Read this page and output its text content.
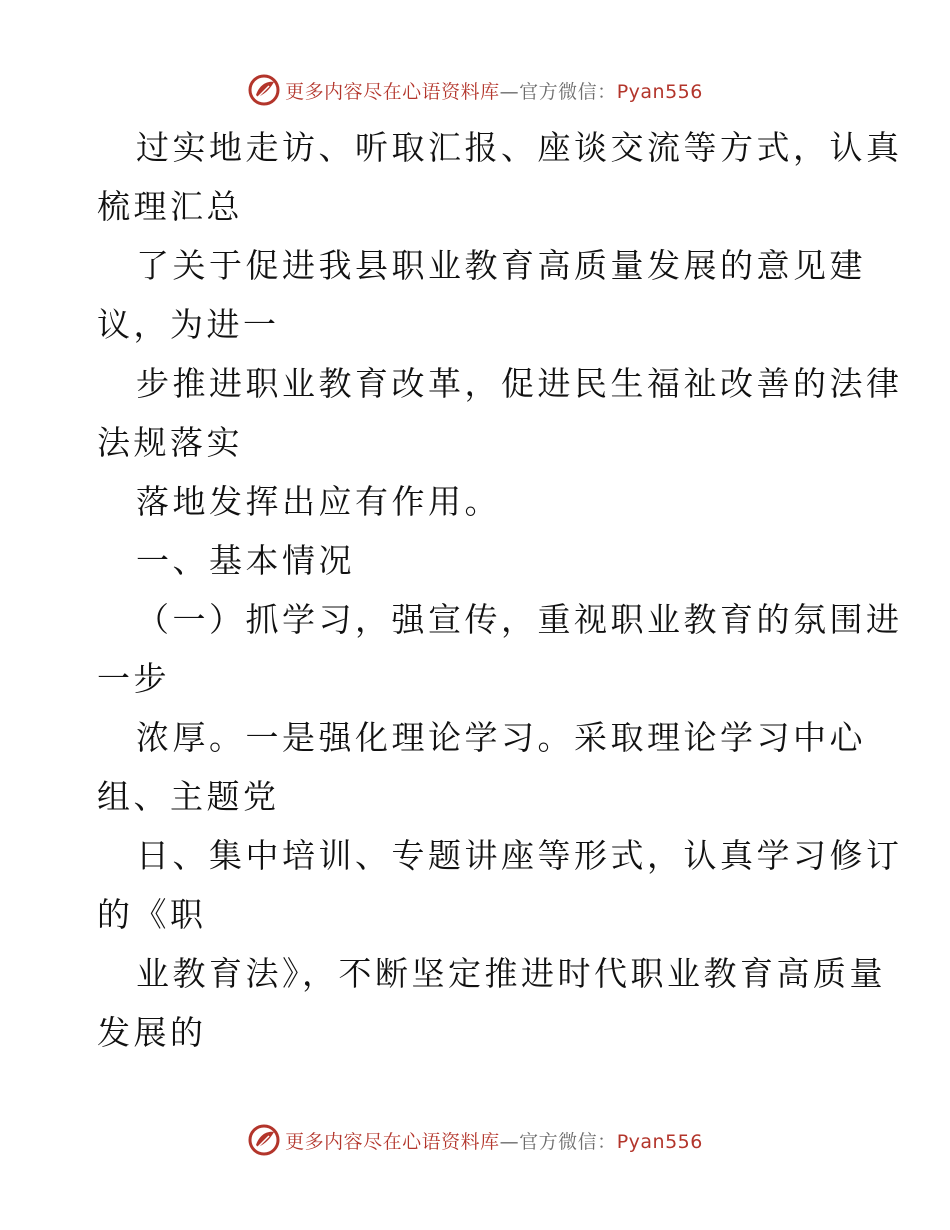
更多内容尽在心语资料库—官方微信：Pyan556
过实地走访、听取汇报、座谈交流等方式，认真
梳理汇总
了关于促进我县职业教育高质量发展的意见建
议，为进一
步推进职业教育改革，促进民生福祉改善的法律
法规落实
落地发挥出应有作用。
一、基本情况
（一）抓学习，强宣传，重视职业教育的氛围进
一步
浓厚。一是强化理论学习。采取理论学习中心
组、主题党
日、集中培训、专题讲座等形式，认真学习修订
的《职
业教育法》，不断坚定推进时代职业教育高质量
发展的
更多内容尽在心语资料库—官方微信：Pyan556
